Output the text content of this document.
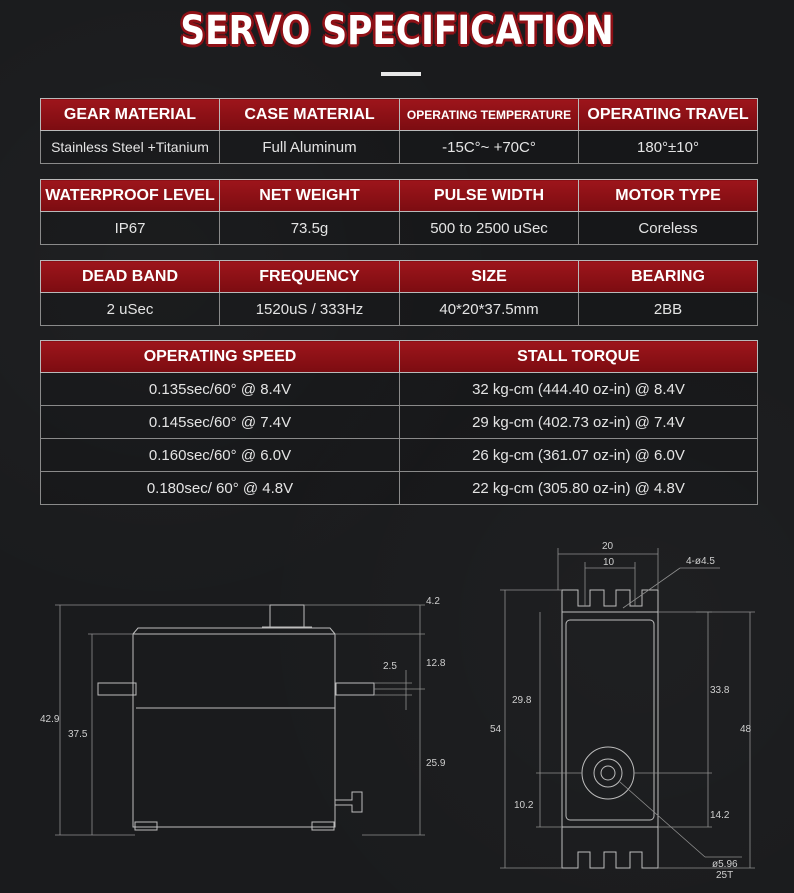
SERVO SPECIFICATION
GEAR MATERIAL	CASE MATERIAL	OPERATING TEMPERATURE	OPERATING TRAVEL
Stainless Steel +Titanium	Full Aluminum	-15C°~ +70C°	180°±10°
WATERPROOF LEVEL	NET WEIGHT	PULSE WIDTH	MOTOR TYPE
IP67	73.5g	500 to 2500 uSec	Coreless
DEAD BAND	FREQUENCY	SIZE	BEARING
2 uSec	1520uS / 333Hz	40*20*37.5mm	2BB
OPERATING SPEED	STALL TORQUE
0.135sec/60° @ 8.4V	32 kg-cm (444.40 oz-in) @ 8.4V
0.145sec/60° @ 7.4V	29 kg-cm (402.73 oz-in) @ 7.4V
0.160sec/60° @ 6.0V	26 kg-cm (361.07 oz-in) @ 6.0V
0.180sec/ 60° @ 4.8V	22 kg-cm (305.80 oz-in) @ 4.8V
4.2
12.8
2.5
42.9
37.5
25.9
20
10	4-ø4.5
29.8
54
33.8
48
10.2
14.2
ø5.96
25T
